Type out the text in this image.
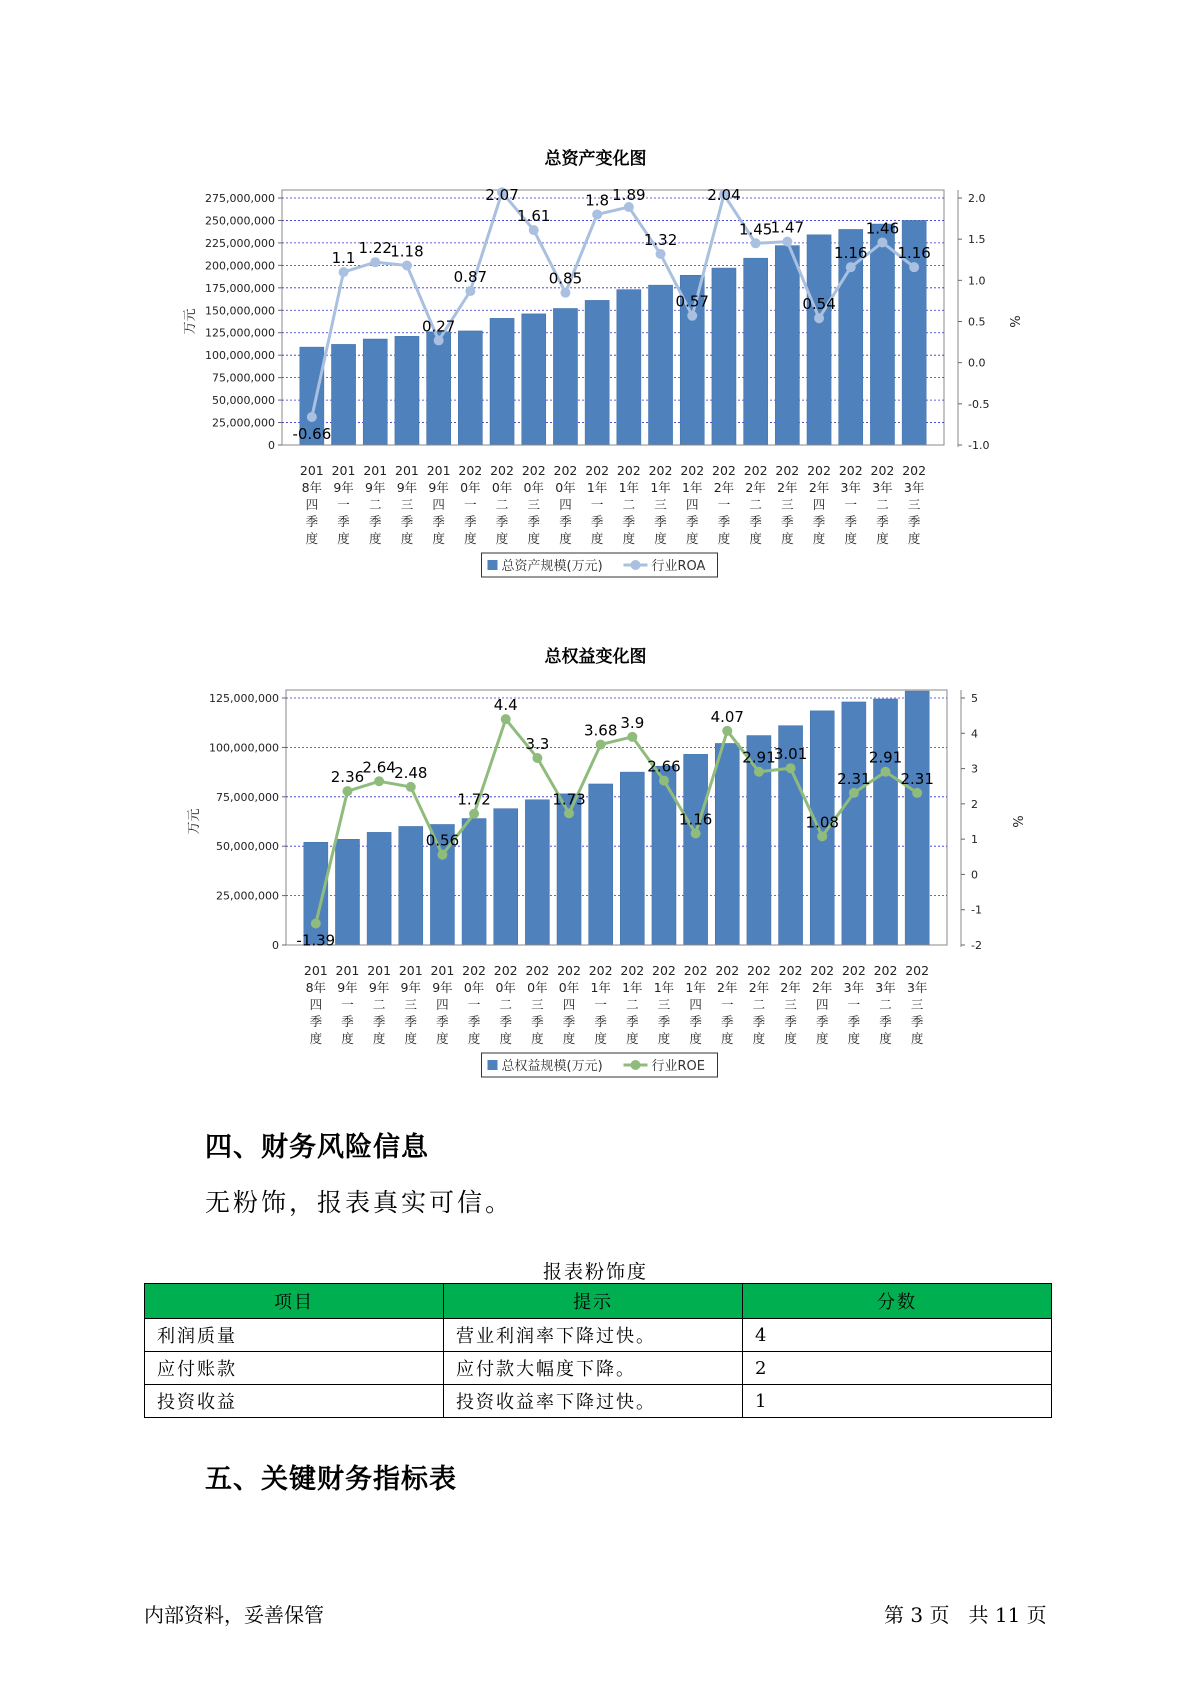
总资产变化图
0
25,000,000
50,000,000
75,000,000
100,000,000
125,000,000
150,000,000
175,000,000
200,000,000
225,000,000
250,000,000
275,000,000
-1.0
-0.5
0.0
0.5
1.0
1.5
2.0
万元	%
-0.66
1.1
1.22
1.18
0.27
0.87
2.07
1.61
0.85
1.8 1.89
1.32
0.57
2.04
1.45
1.47
0.54
1.16
1.46
1.16
201
8年
四
季
度
201
9年
一
季
度
201
9年
二
季
度
201
9年
三
季
度
201
9年
四
季
度
202
0年
一
季
度
202
0年
二
季
度
202
0年
三
季
度
202
0年
四
季
度
202
1年
一
季
度
202
1年
二
季
度
202
1年
三
季
度
202
1年
四
季
度
202
2年
一
季
度
202
2年
二
季
度
202
2年
三
季
度
202
2年
四
季
度
202
3年
一
季
度
202
3年
二
季
度
202
3年
三
季
度
总资产规模(万元)	行业ROA
总权益变化图
0
25,000,000
50,000,000
75,000,000
100,000,000
125,000,000
-2
-1
0
1
2
3
4
5
万元	%
-1.39
2.36
2.64
2.48
0.56
1.72
4.4
3.3
1.73
3.68 3.9
2.66
1.16
4.07
2.91
3.01
1.08
2.31
2.91
2.31
201
8年
四
季
度
201
9年
一
季
度
201
9年
二
季
度
201
9年
三
季
度
201
9年
四
季
度
202
0年
一
季
度
202
0年
二
季
度
202
0年
三
季
度
202
0年
四
季
度
202
1年
一
季
度
202
1年
二
季
度
202
1年
三
季
度
202
1年
四
季
度
202
2年
一
季
度
202
2年
二
季
度
202
2年
三
季
度
202
2年
四
季
度
202
3年
一
季
度
202
3年
二
季
度
202
3年
三
季
度
总权益规模(万元)	行业ROE
四、财务风险信息
无粉饰，报表真实可信。
报表粉饰度
项目	提示	分数
利润质量	营业利润率下降过快。	4
应付账款	应付款大幅度下降。	2
投资收益	投资收益率下降过快。	1
五、关键财务指标表
内部资料，妥善保管	第 3 页   共 11 页
